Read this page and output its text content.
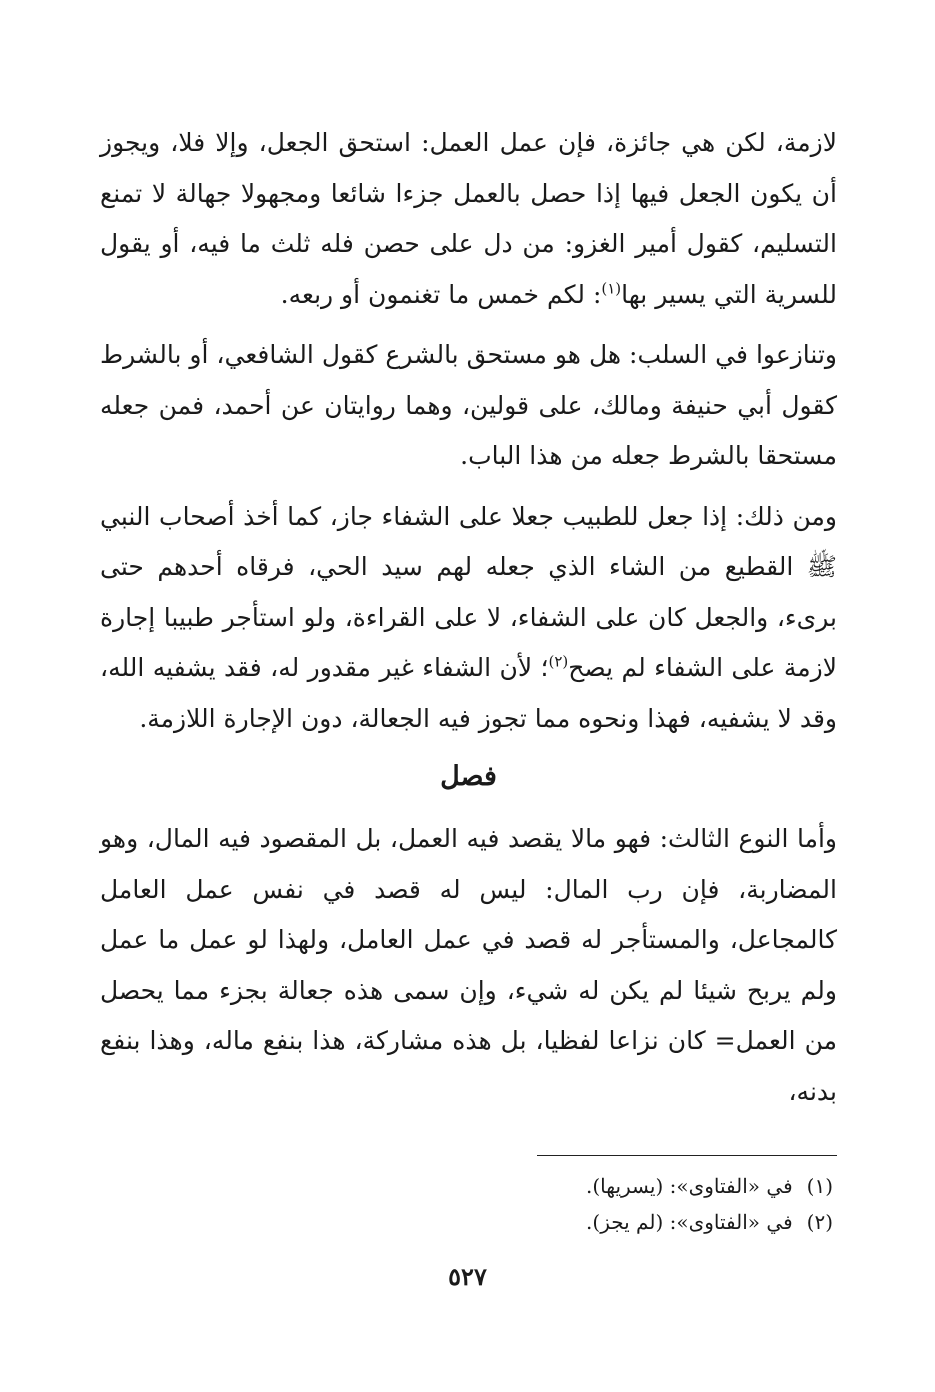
لازمة، لكن هي جائزة، فإن عمل العمل: استحق الجعل، وإلا فلا، ويجوز أن يكون الجعل فيها إذا حصل بالعمل جزءا شائعا ومجهولا جهالة لا تمنع التسليم، كقول أمير الغزو: من دل على حصن فله ثلث ما فيه، أو يقول للسرية التي يسير بها$^{(١)}$: لكم خمس ما تغنمون أو ربعه.

وتنازعوا في السلب: هل هو مستحق بالشرع كقول الشافعي، أو بالشرط كقول أبي حنيفة ومالك، على قولين، وهما روايتان عن أحمد، فمن جعله مستحقا بالشرط جعله من هذا الباب.

ومن ذلك: إذا جعل للطبيب جعلا على الشفاء جاز، كما أخذ أصحاب النبي ﷺ القطيع من الشاء الذي جعله لهم سيد الحي، فرقاه أحدهم حتى برىء، والجعل كان على الشفاء، لا على القراءة، ولو استأجر طبيبا إجارة لازمة على الشفاء لم يصح$^{(٢)}$؛ لأن الشفاء غير مقدور له، فقد يشفيه الله، وقد لا يشفيه، فهذا ونحوه مما تجوز فيه الجعالة، دون الإجارة اللازمة.

فصل

وأما النوع الثالث: فهو مالا يقصد فيه العمل، بل المقصود فيه المال، وهو المضاربة، فإن رب المال: ليس له قصد في نفس عمل العامل كالمجاعل، والمستأجر له قصد في عمل العامل، ولهذا لو عمل ما عمل ولم يربح شيئا لم يكن له شيء، وإن سمى هذه جعالة بجزء مما يحصل من العمل= كان نزاعا لفظيا، بل هذه مشاركة، هذا بنفع ماله، وهذا بنفع بدنه،

(١) في «الفتاوى»: (يسريها).
(٢) في «الفتاوى»: (لم يجز).
٥٢٧
